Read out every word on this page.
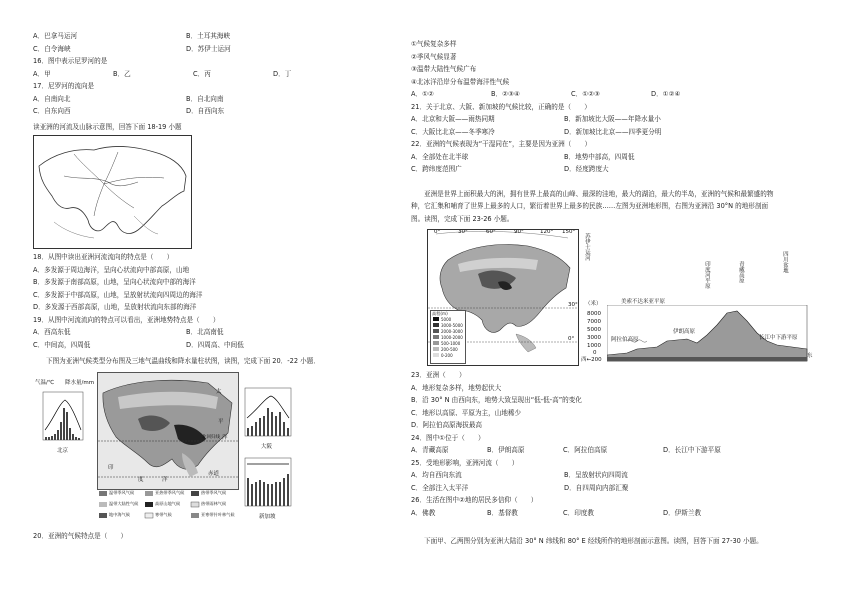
A．巴拿马运河	B．土耳其海峡
C．白令海峡	D．苏伊士运河
16．图中表示尼罗河的是
A．甲	B．乙	C．丙	D．丁
17．尼罗河的流向是
A．自南向北	B．自北向南
C．自东向西	D．自西向东
读亚洲的河流及山脉示意图，回答下面 18-19 小题
18．从图中读出亚洲河流流向的特点是（　　）
A．多发源于周边海洋，呈向心状流向中部高原，山地
B．多发源于南部高原，山地，呈向心状流向中部的海洋
C．多发源于中部高原，山地，呈放射状流向四周边的海洋
D．多发源于西部高原，山地，呈放射状流向东部的海洋
19．从图中河流流向的特点可以看出，亚洲地势特点是（　　）
A．西高东低	B．北高南低
C．中间高，四周低	D．四周高、中间低
下图为亚洲气候类型分布图及三地气温曲线和降水量柱状图，读图，完成下面 20．-22 小题．
太
平
洋
印
度	洋
赤道
北回归线
气温/℃ 降水量/mm
北京
大阪
新加坡
温带季风气候	亚热带季风气候	热带季风气候
温带大陆性气候	高原山地气候	热带雨林气候
地中海气候	寒带气候	亚寒带针叶林气候
20．亚洲的气候特点是（　　）
①气候复杂多样
②季风气候显著
③温带大陆性气候广布
④北冰洋沿岸分布温带海洋性气候
A．①②	B．②③④	C．①②③	D．①②④
21．关于北京、大阪、新加坡的气候比较，正确的是（　　）
A．北京和大阪——雨热同期	B．新加坡比大阪——年降水量小
C．大阪比北京——冬季寒冷	D．新加坡比北京——四季更分明
22．亚洲的气候表现为“干湿同在”，主要是因为亚洲（　　）
A．全部处在北半球	B．地势中部高，四周低
C．跨纬度范围广	D．经度跨度大
亚洲是世界上面积最大的洲，拥有世界上最高的山峰、最深的洼地，最大的湖泊，最大的半岛，亚洲的气候和最繁盛的物种，它汇集和哺育了世界上最多的人口，繁衍着世界上最多的民族……左图为亚洲地形图，右图为亚洲沿 30°N 的地形剖面图。读图，完成下面 23-26 小题。
0°	30°	60°	90°	120° 150°
30°
0°
高程(m)
5000
3000-5000
2000-3000
1000-2000
500-1000
200-500
0-200
（米）
8000
7000
5000
3000
1000
0
西←200
东
苏伊士运河
美索不达米亚平原
阿拉伯高原
伊朗高原
印度河平原	青藏高原	四川盆地
长江中下游平原
23．亚洲（　　）
A．地形复杂多样，地势起伏大
B．沿 30° N 由西向东，地势大致呈现出“低-低-高”的变化
C．地形以高原、平原为主，山地稀少
D．阿拉伯高原海拔最高
24．图中①位于（　　）
A．青藏高原	B．伊朗高原	C．阿拉伯高原	D．长江中下游平原
25．受地形影响，亚洲河流（　　）
A．均自西向东流	B．呈放射状向四周流
C．全部注入太平洋	D．自四周向内部汇聚
26．生活在图中②地的居民多信仰（　　）
A．佛教	B．基督教	C．印度教	D．伊斯兰教
下面甲、乙两图分别为亚洲大陆沿 30° N 纬线和 80° E 经线所作的地形剖面示意图。读图，回答下面 27-30 小题。
